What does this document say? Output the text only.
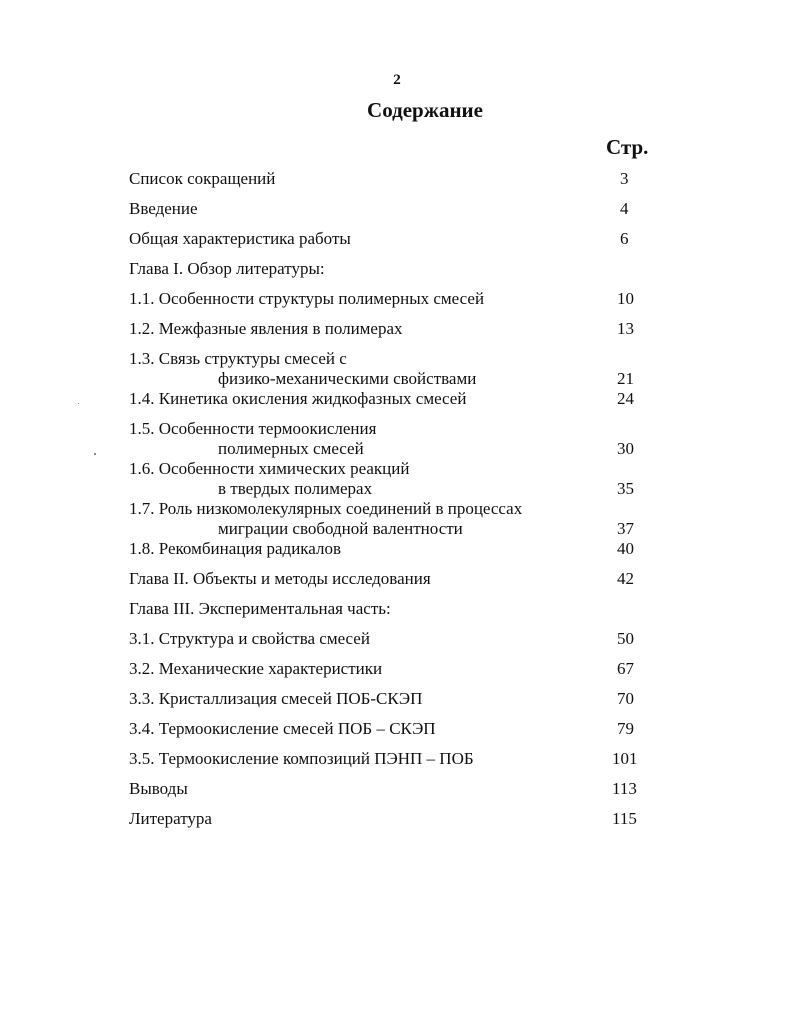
2
Содержание
Стр.
Список сокращений	3
Введение	4
Общая характеристика работы	6
Глава I. Обзор литературы:
1.1. Особенности структуры полимерных смесей	10
1.2. Межфазные явления в полимерах	13
1.3. Связь структуры смесей с
физико-механическими свойствами	21
1.4. Кинетика окисления жидкофазных смесей	24
1.5. Особенности термоокисления
полимерных смесей	30
1.6. Особенности химических реакций
в твердых полимерах	35
1.7. Роль низкомолекулярных соединений в процессах
миграции свободной валентности	37
1.8. Рекомбинация радикалов	40
Глава II. Объекты и методы исследования	42
Глава III. Экспериментальная часть:
3.1. Структура и свойства смесей	50
3.2. Механические характеристики	67
3.3. Кристаллизация смесей ПОБ-СКЭП	70
3.4. Термоокисление смесей ПОБ – СКЭП	79
3.5. Термоокисление композиций ПЭНП – ПОБ	101
Выводы	113
Литература	115
